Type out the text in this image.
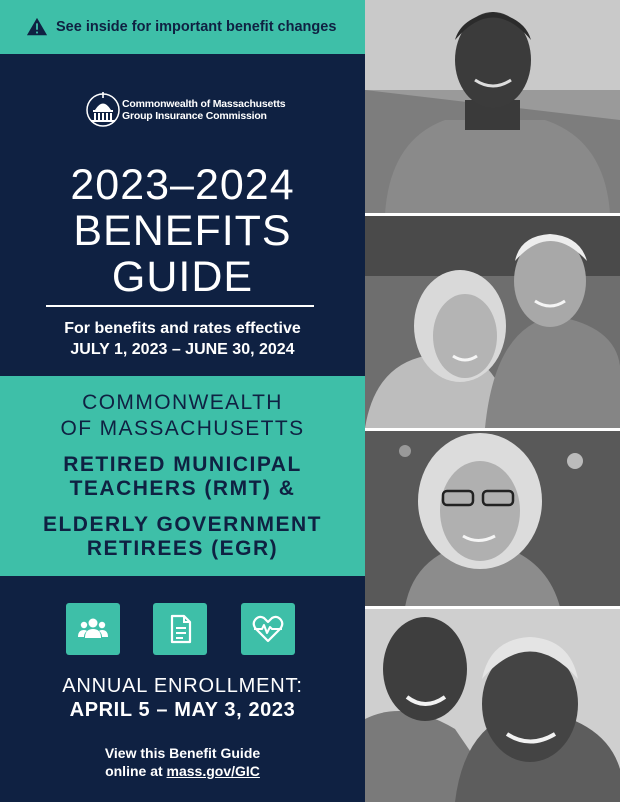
See inside for important benefit changes
Commonwealth of Massachusetts
Group Insurance Commission
2023–2024
BENEFITS
GUIDE
For benefits and rates effective
JULY 1, 2023 – JUNE 30, 2024
COMMONWEALTH
OF MASSACHUSETTS
RETIRED MUNICIPAL
TEACHERS (RMT) &
ELDERLY GOVERNMENT
RETIREES (EGR)
ANNUAL ENROLLMENT:
APRIL 5 – MAY 3, 2023
View this Benefit Guide
online at mass.gov/GIC
